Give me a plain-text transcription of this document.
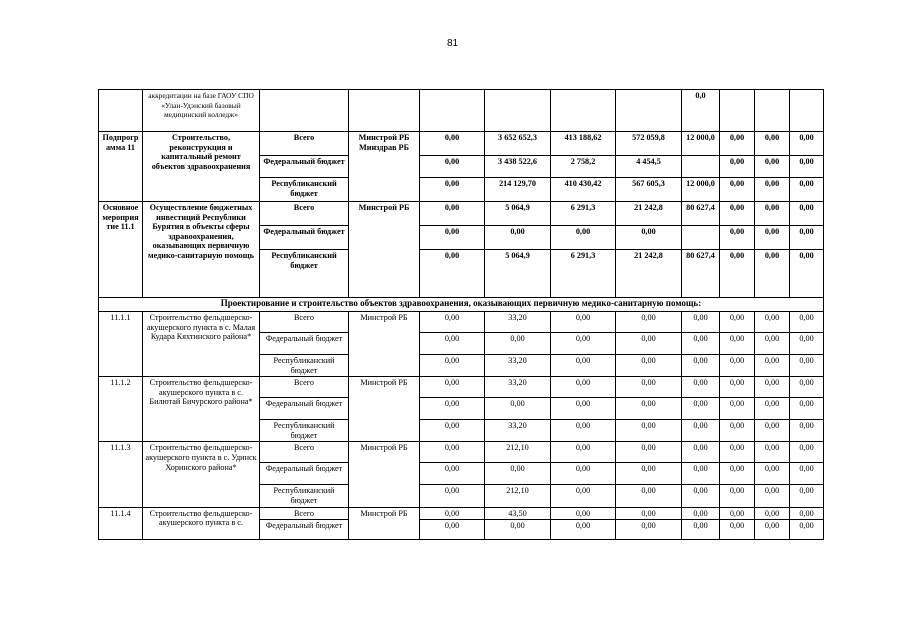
81
	аккредитации на базе ГАОУ СПО «Улан-Удэнский базовый медицинский колледж»							0,0			
Подпрограмма 11	Строительство, реконструкция и капитальный ремонт объектов здравоохранения	Всего	Минстрой РБ Минздрав РБ	0,00	3 652 652,3	413 188,62	572 059,8	12 000,0	0,00	0,00	0,00
		Федеральный бюджет		0,00	3 438 522,6	2 758,2	4 454,5		0,00	0,00	0,00
		Республиканский бюджет		0,00	214 129,70	410 430,42	567 605,3	12 000,0	0,00	0,00	0,00
Основное мероприятие 11.1	Осуществление бюджетных инвестиций Республики Бурятия в объекты сферы здравоохранения, оказывающих первичную медико-санитарную помощь	Всего	Минстрой РБ	0,00	5 064,9	6 291,3	21 242,8	80 627,4	0,00	0,00	0,00
		Федеральный бюджет		0,00	0,00	0,00	0,00		0,00	0,00	0,00
		Республиканский бюджет		0,00	5 064,9	6 291,3	21 242,8	80 627,4	0,00	0,00	0,00
Проектирование и строительство объектов здравоохранения, оказывающих первичную медико-санитарную помощь:											
11.1.1	Строительство фельдшерско-акушерского пункта в с. Малая Кудара Кяхтинского района*	Всего	Минстрой РБ	0,00	33,20	0,00	0,00	0,00	0,00	0,00	0,00
		Федеральный бюджет		0,00	0,00	0,00	0,00	0,00	0,00	0,00	0,00
		Республиканский бюджет		0,00	33,20	0,00	0,00	0,00	0,00	0,00	0,00
11.1.2	Строительство фельдшерско-акушерского пункта в с. Билютай Бичурского района*	Всего	Минстрой РБ	0,00	33,20	0,00	0,00	0,00	0,00	0,00	0,00
		Федеральный бюджет		0,00	0,00	0,00	0,00	0,00	0,00	0,00	0,00
		Республиканский бюджет		0,00	33,20	0,00	0,00	0,00	0,00	0,00	0,00
11.1.3	Строительство фельдшерско-акушерского пункта в с. Удинск Хоринского района*	Всего	Минстрой РБ	0,00	212,10	0,00	0,00	0,00	0,00	0,00	0,00
		Федеральный бюджет		0,00	0,00	0,00	0,00	0,00	0,00	0,00	0,00
		Республиканский бюджет		0,00	212,10	0,00	0,00	0,00	0,00	0,00	0,00
11.1.4	Строительство фельдшерско-акушерского пункта в с.	Всего	Минстрой РБ	0,00	43,50	0,00	0,00	0,00	0,00	0,00	0,00
		Федеральный бюджет		0,00	0,00	0,00	0,00	0,00	0,00	0,00	0,00
